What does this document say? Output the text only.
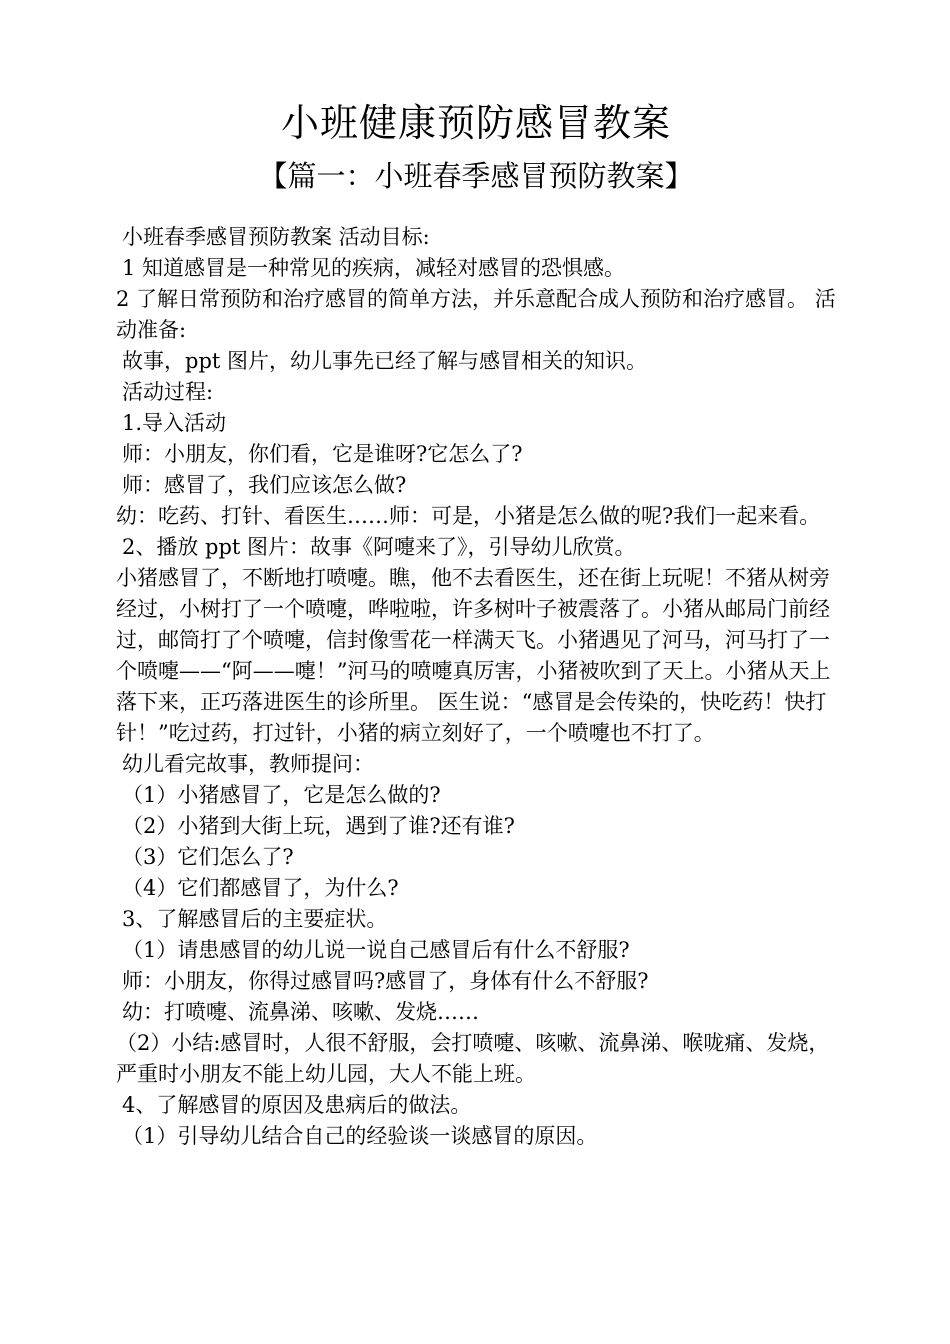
小班健康预防感冒教案
【篇一：小班春季感冒预防教案】

小班春季感冒预防教案 活动目标:

1 知道感冒是一种常见的疾病，减轻对感冒的恐惧感。

2 了解日常预防和治疗感冒的简单方法，并乐意配合成人预防和治疗感冒。 活动准备:

故事，ppt 图片，幼儿事先已经了解与感冒相关的知识。

活动过程:

1.导入活动

师：小朋友，你们看，它是谁呀?它怎么了?

师：感冒了，我们应该怎么做?

幼：吃药、打针、看医生……师：可是，小猪是怎么做的呢?我们一起来看。

2、播放 ppt 图片：故事《阿嚏来了》，引导幼儿欣赏。

小猪感冒了，不断地打喷嚏。瞧，他不去看医生，还在街上玩呢！不猪从树旁经过，小树打了一个喷嚏，哗啦啦，许多树叶子被震落了。小猪从邮局门前经过，邮筒打了个喷嚏，信封像雪花一样满天飞。小猪遇见了河马，河马打了一个喷嚏——“阿——嚏！”河马的喷嚏真厉害，小猪被吹到了天上。小猪从天上落下来，正巧落进医生的诊所里。 医生说：“感冒是会传染的，快吃药！快打针！”吃过药，打过针，小猪的病立刻好了，一个喷嚏也不打了。

幼儿看完故事，教师提问：

（1）小猪感冒了，它是怎么做的?

（2）小猪到大街上玩，遇到了谁?还有谁?

（3）它们怎么了?

（4）它们都感冒了，为什么?

3、了解感冒后的主要症状。

（1）请患感冒的幼儿说一说自己感冒后有什么不舒服?

师：小朋友，你得过感冒吗?感冒了，身体有什么不舒服?

幼：打喷嚏、流鼻涕、咳嗽、发烧……

（2）小结:感冒时，人很不舒服，会打喷嚏、咳嗽、流鼻涕、喉咙痛、发烧，严重时小朋友不能上幼儿园，大人不能上班。

4、了解感冒的原因及患病后的做法。

（1）引导幼儿结合自己的经验谈一谈感冒的原因。
